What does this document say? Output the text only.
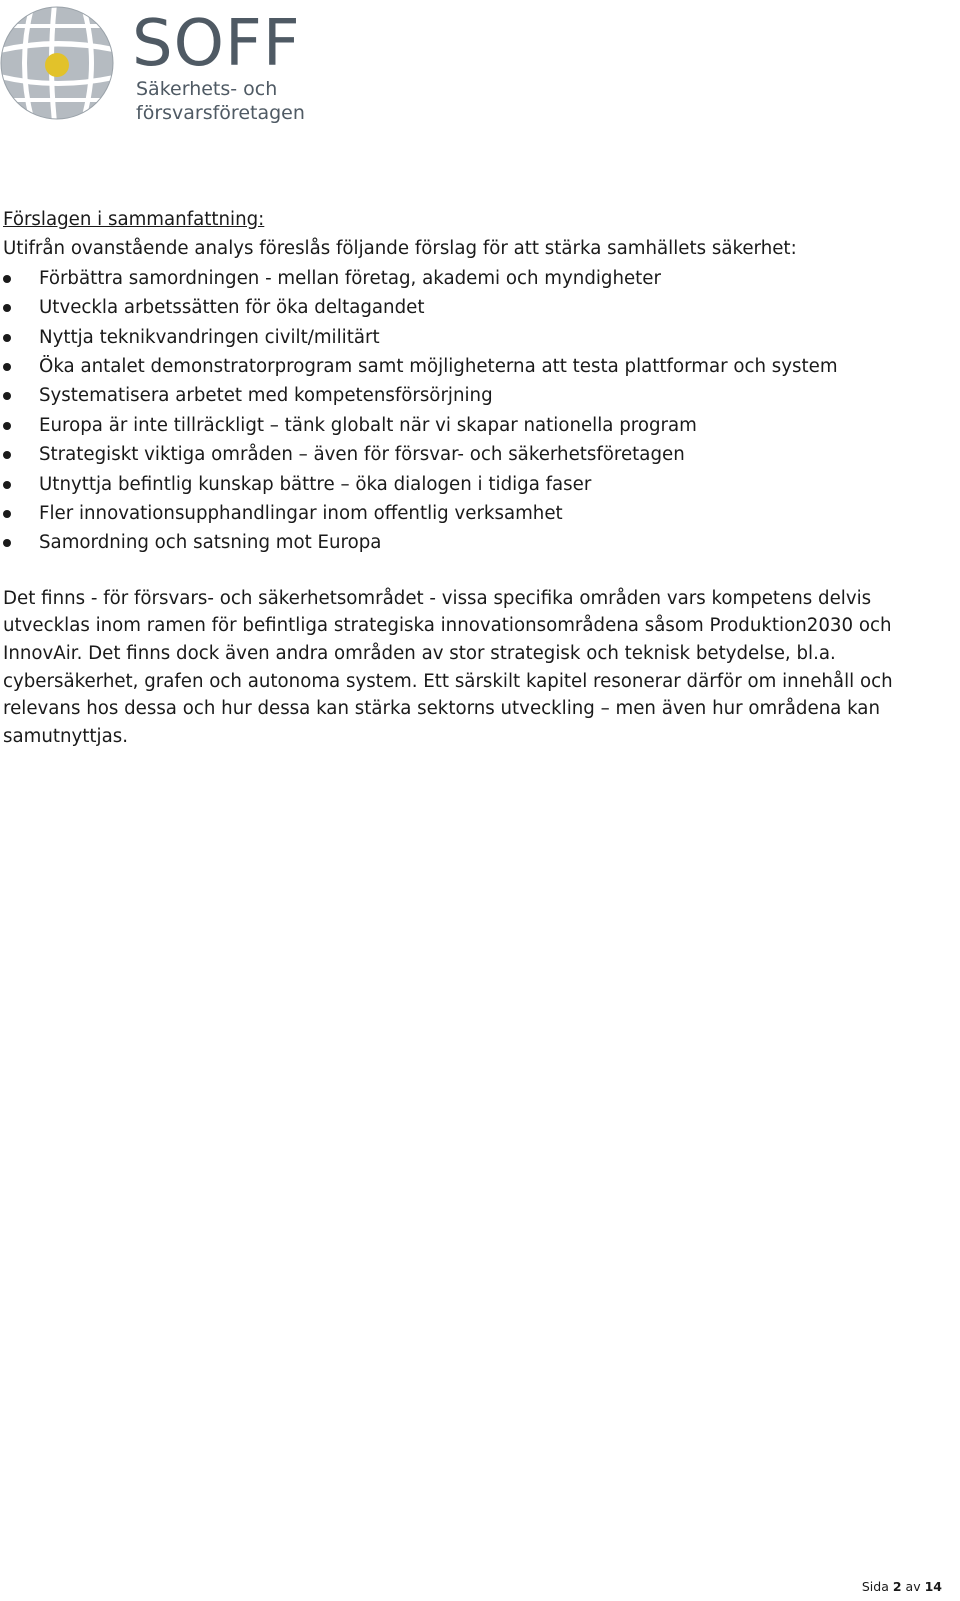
SOFF
Säkerhets- och
försvarsföretagen

Förslagen i sammanfattning:

Utifrån ovanstående analys föreslås följande förslag för att stärka samhällets säkerhet:

Förbättra samordningen - mellan företag, akademi och myndigheter
Utveckla arbetssätten för öka deltagandet
Nyttja teknikvandringen civilt/militärt
Öka antalet demonstratorprogram samt möjligheterna att testa plattformar och system
Systematisera arbetet med kompetensförsörjning
Europa är inte tillräckligt – tänk globalt när vi skapar nationella program
Strategiskt viktiga områden – även för försvar- och säkerhetsföretagen
Utnyttja befintlig kunskap bättre – öka dialogen i tidiga faser
Fler innovationsupphandlingar inom offentlig verksamhet
Samordning och satsning mot Europa

Det finns - för försvars- och säkerhetsområdet - vissa specifika områden vars kompetens delvis utvecklas inom ramen för befintliga strategiska innovationsområdena såsom Produktion2030 och InnovAir. Det finns dock även andra områden av stor strategisk och teknisk betydelse, bl.a. cybersäkerhet, grafen och autonoma system. Ett särskilt kapitel resonerar därför om innehåll och relevans hos dessa och hur dessa kan stärka sektorns utveckling – men även hur områdena kan samutnyttjas.

Sida 2 av 14
